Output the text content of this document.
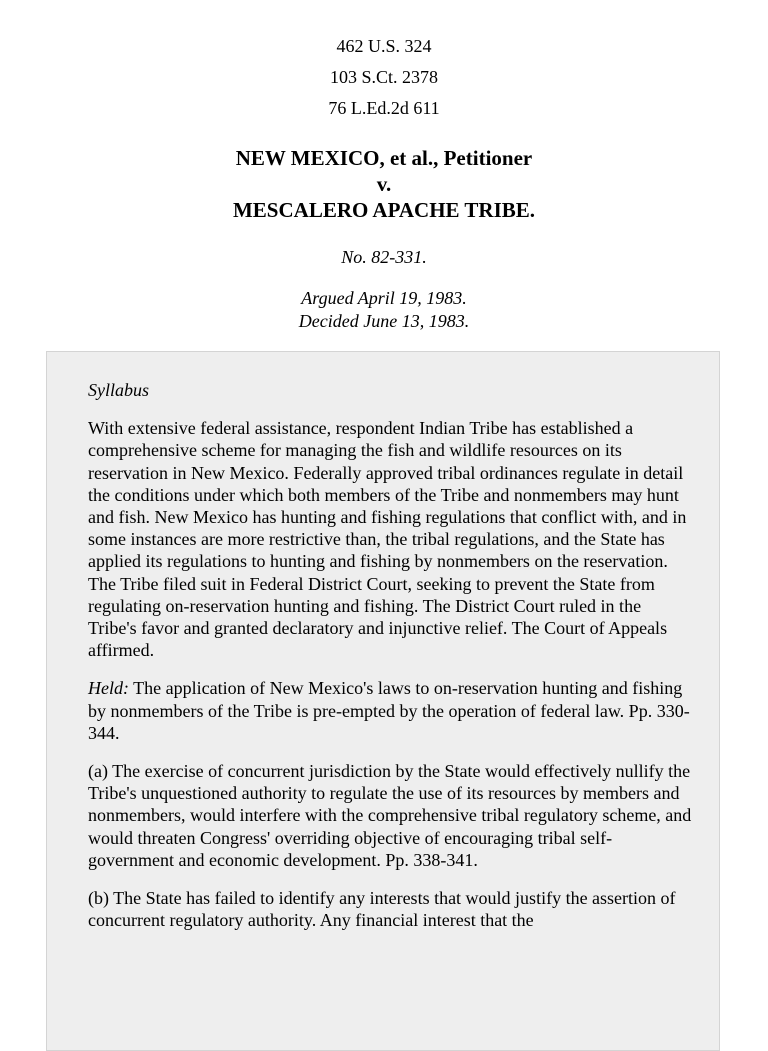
462 U.S. 324
103 S.Ct. 2378
76 L.Ed.2d 611
NEW MEXICO, et al., Petitioner
v.
MESCALERO APACHE TRIBE.
No. 82-331.
Argued April 19, 1983.
Decided June 13, 1983.

Syllabus

With extensive federal assistance, respondent Indian Tribe has established a comprehensive scheme for managing the fish and wildlife resources on its reservation in New Mexico. Federally approved tribal ordinances regulate in detail the conditions under which both members of the Tribe and nonmembers may hunt and fish. New Mexico has hunting and fishing regulations that conflict with, and in some instances are more restrictive than, the tribal regulations, and the State has applied its regulations to hunting and fishing by nonmembers on the reservation. The Tribe filed suit in Federal District Court, seeking to prevent the State from regulating on-reservation hunting and fishing. The District Court ruled in the Tribe's favor and granted declaratory and injunctive relief. The Court of Appeals affirmed.

Held: The application of New Mexico's laws to on-reservation hunting and fishing by nonmembers of the Tribe is pre-empted by the operation of federal law. Pp. 330-344.

(a) The exercise of concurrent jurisdiction by the State would effectively nullify the Tribe's unquestioned authority to regulate the use of its resources by members and nonmembers, would interfere with the comprehensive tribal regulatory scheme, and would threaten Congress' overriding objective of encouraging tribal self-government and economic development. Pp. 338-341.

(b) The State has failed to identify any interests that would justify the assertion of concurrent regulatory authority. Any financial interest that the
